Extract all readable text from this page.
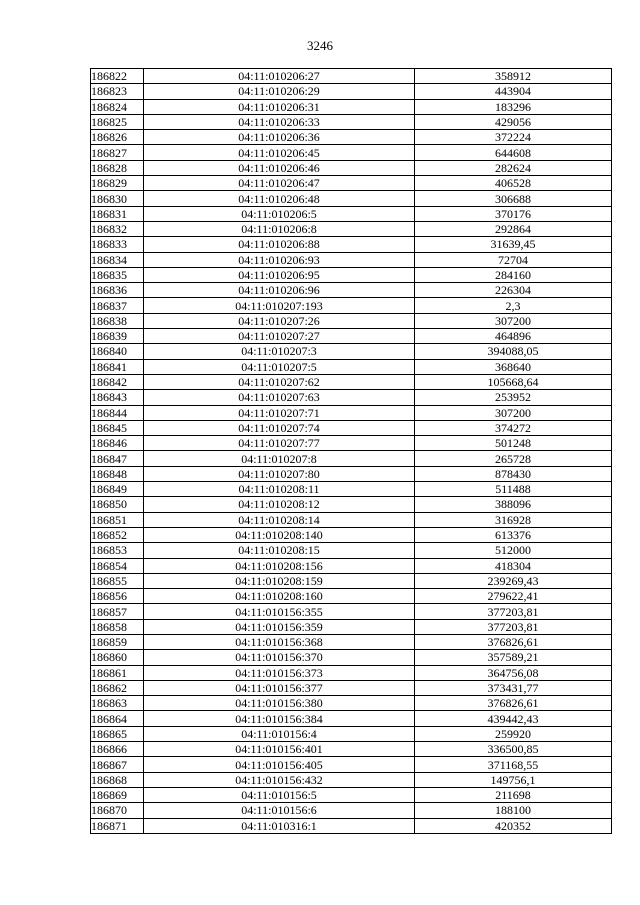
3246
186822	04:11:010206:27	358912
186823	04:11:010206:29	443904
186824	04:11:010206:31	183296
186825	04:11:010206:33	429056
186826	04:11:010206:36	372224
186827	04:11:010206:45	644608
186828	04:11:010206:46	282624
186829	04:11:010206:47	406528
186830	04:11:010206:48	306688
186831	04:11:010206:5	370176
186832	04:11:010206:8	292864
186833	04:11:010206:88	31639,45
186834	04:11:010206:93	72704
186835	04:11:010206:95	284160
186836	04:11:010206:96	226304
186837	04:11:010207:193	2,3
186838	04:11:010207:26	307200
186839	04:11:010207:27	464896
186840	04:11:010207:3	394088,05
186841	04:11:010207:5	368640
186842	04:11:010207:62	105668,64
186843	04:11:010207:63	253952
186844	04:11:010207:71	307200
186845	04:11:010207:74	374272
186846	04:11:010207:77	501248
186847	04:11:010207:8	265728
186848	04:11:010207:80	878430
186849	04:11:010208:11	511488
186850	04:11:010208:12	388096
186851	04:11:010208:14	316928
186852	04:11:010208:140	613376
186853	04:11:010208:15	512000
186854	04:11:010208:156	418304
186855	04:11:010208:159	239269,43
186856	04:11:010208:160	279622,41
186857	04:11:010156:355	377203,81
186858	04:11:010156:359	377203,81
186859	04:11:010156:368	376826,61
186860	04:11:010156:370	357589,21
186861	04:11:010156:373	364756,08
186862	04:11:010156:377	373431,77
186863	04:11:010156:380	376826,61
186864	04:11:010156:384	439442,43
186865	04:11:010156:4	259920
186866	04:11:010156:401	336500,85
186867	04:11:010156:405	371168,55
186868	04:11:010156:432	149756,1
186869	04:11:010156:5	211698
186870	04:11:010156:6	188100
186871	04:11:010316:1	420352
